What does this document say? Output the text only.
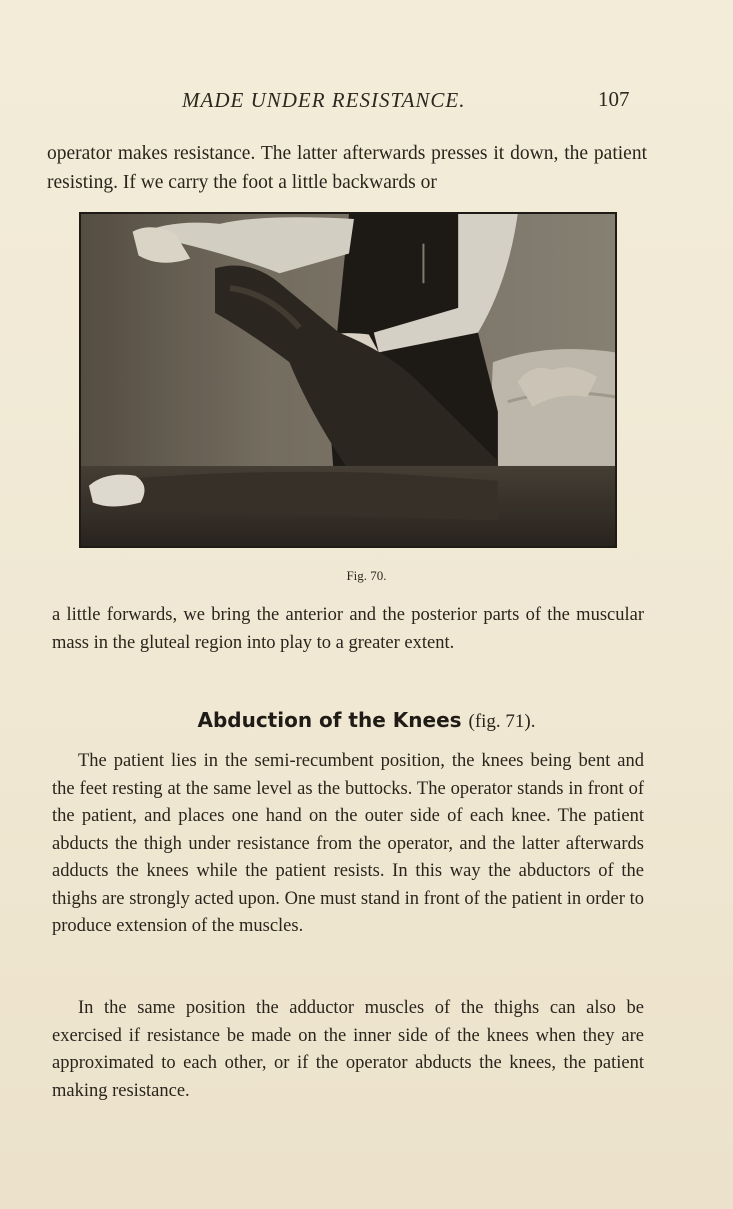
MADE UNDER RESISTANCE.	107

operator makes resistance. The latter afterwards presses it down, the patient resisting. If we carry the foot a little backwards or

Fig. 70.

a little forwards, we bring the anterior and the posterior parts of the muscular mass in the gluteal region into play to a greater extent.

Abduction of the Knees (fig. 71).

The patient lies in the semi-recumbent position, the knees being bent and the feet resting at the same level as the buttocks. The operator stands in front of the patient, and places one hand on the outer side of each knee. The patient abducts the thigh under resistance from the operator, and the latter afterwards adducts the knees while the patient resists. In this way the abductors of the thighs are strongly acted upon. One must stand in front of the patient in order to produce extension of the muscles.

In the same position the adductor muscles of the thighs can also be exercised if resistance be made on the inner side of the knees when they are approximated to each other, or if the operator abducts the knees, the patient making resistance.
